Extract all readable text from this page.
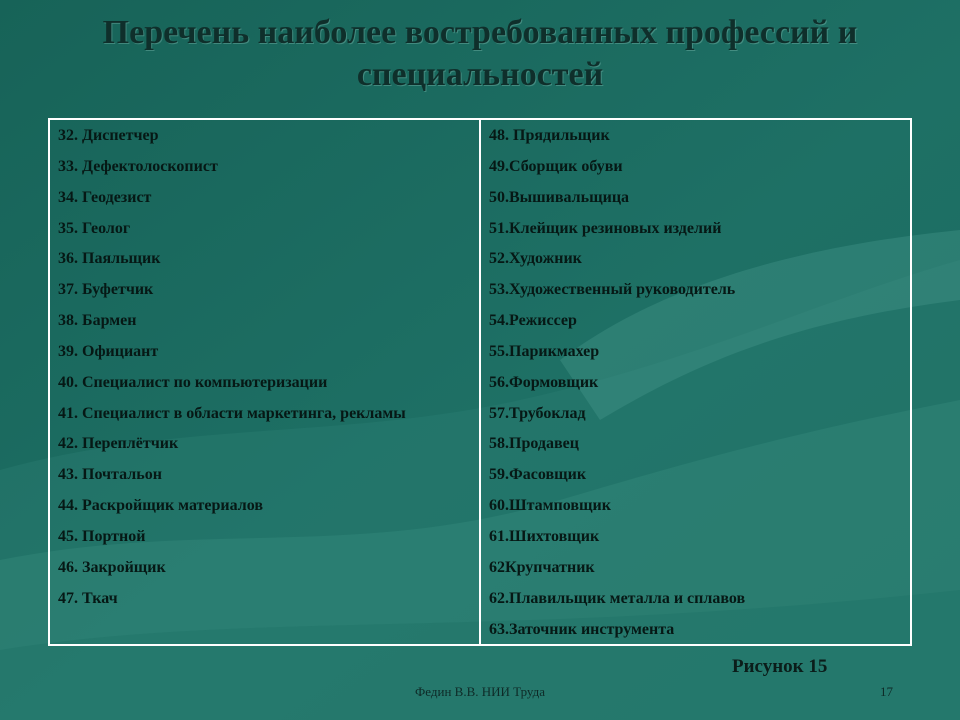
Перечень наиболее востребованных профессий и специальностей
32. Диспетчер
33. Дефектолоскопист
34. Геодезист
35. Геолог
36. Паяльщик
37. Буфетчик
38. Бармен
39. Официант
40. Специалист по компьютеризации
41. Специалист в области маркетинга, рекламы
42. Переплётчик
43. Почтальон
44. Раскройщик материалов
45. Портной
46. Закройщик
47. Ткач
48. Прядильщик
49.Сборщик обуви
50.Вышивальщица
51.Клейщик резиновых изделий
52.Художник
53.Художественный руководитель
54.Режиссер
55.Парикмахер
56.Формовщик
57.Трубоклад
58.Продавец
59.Фасовщик
60.Штамповщик
61.Шихтовщик
62Крупчатник
62.Плавильщик металла и сплавов
63.Заточник инструмента
Рисунок 15
Федин В.В. НИИ Труда	17
